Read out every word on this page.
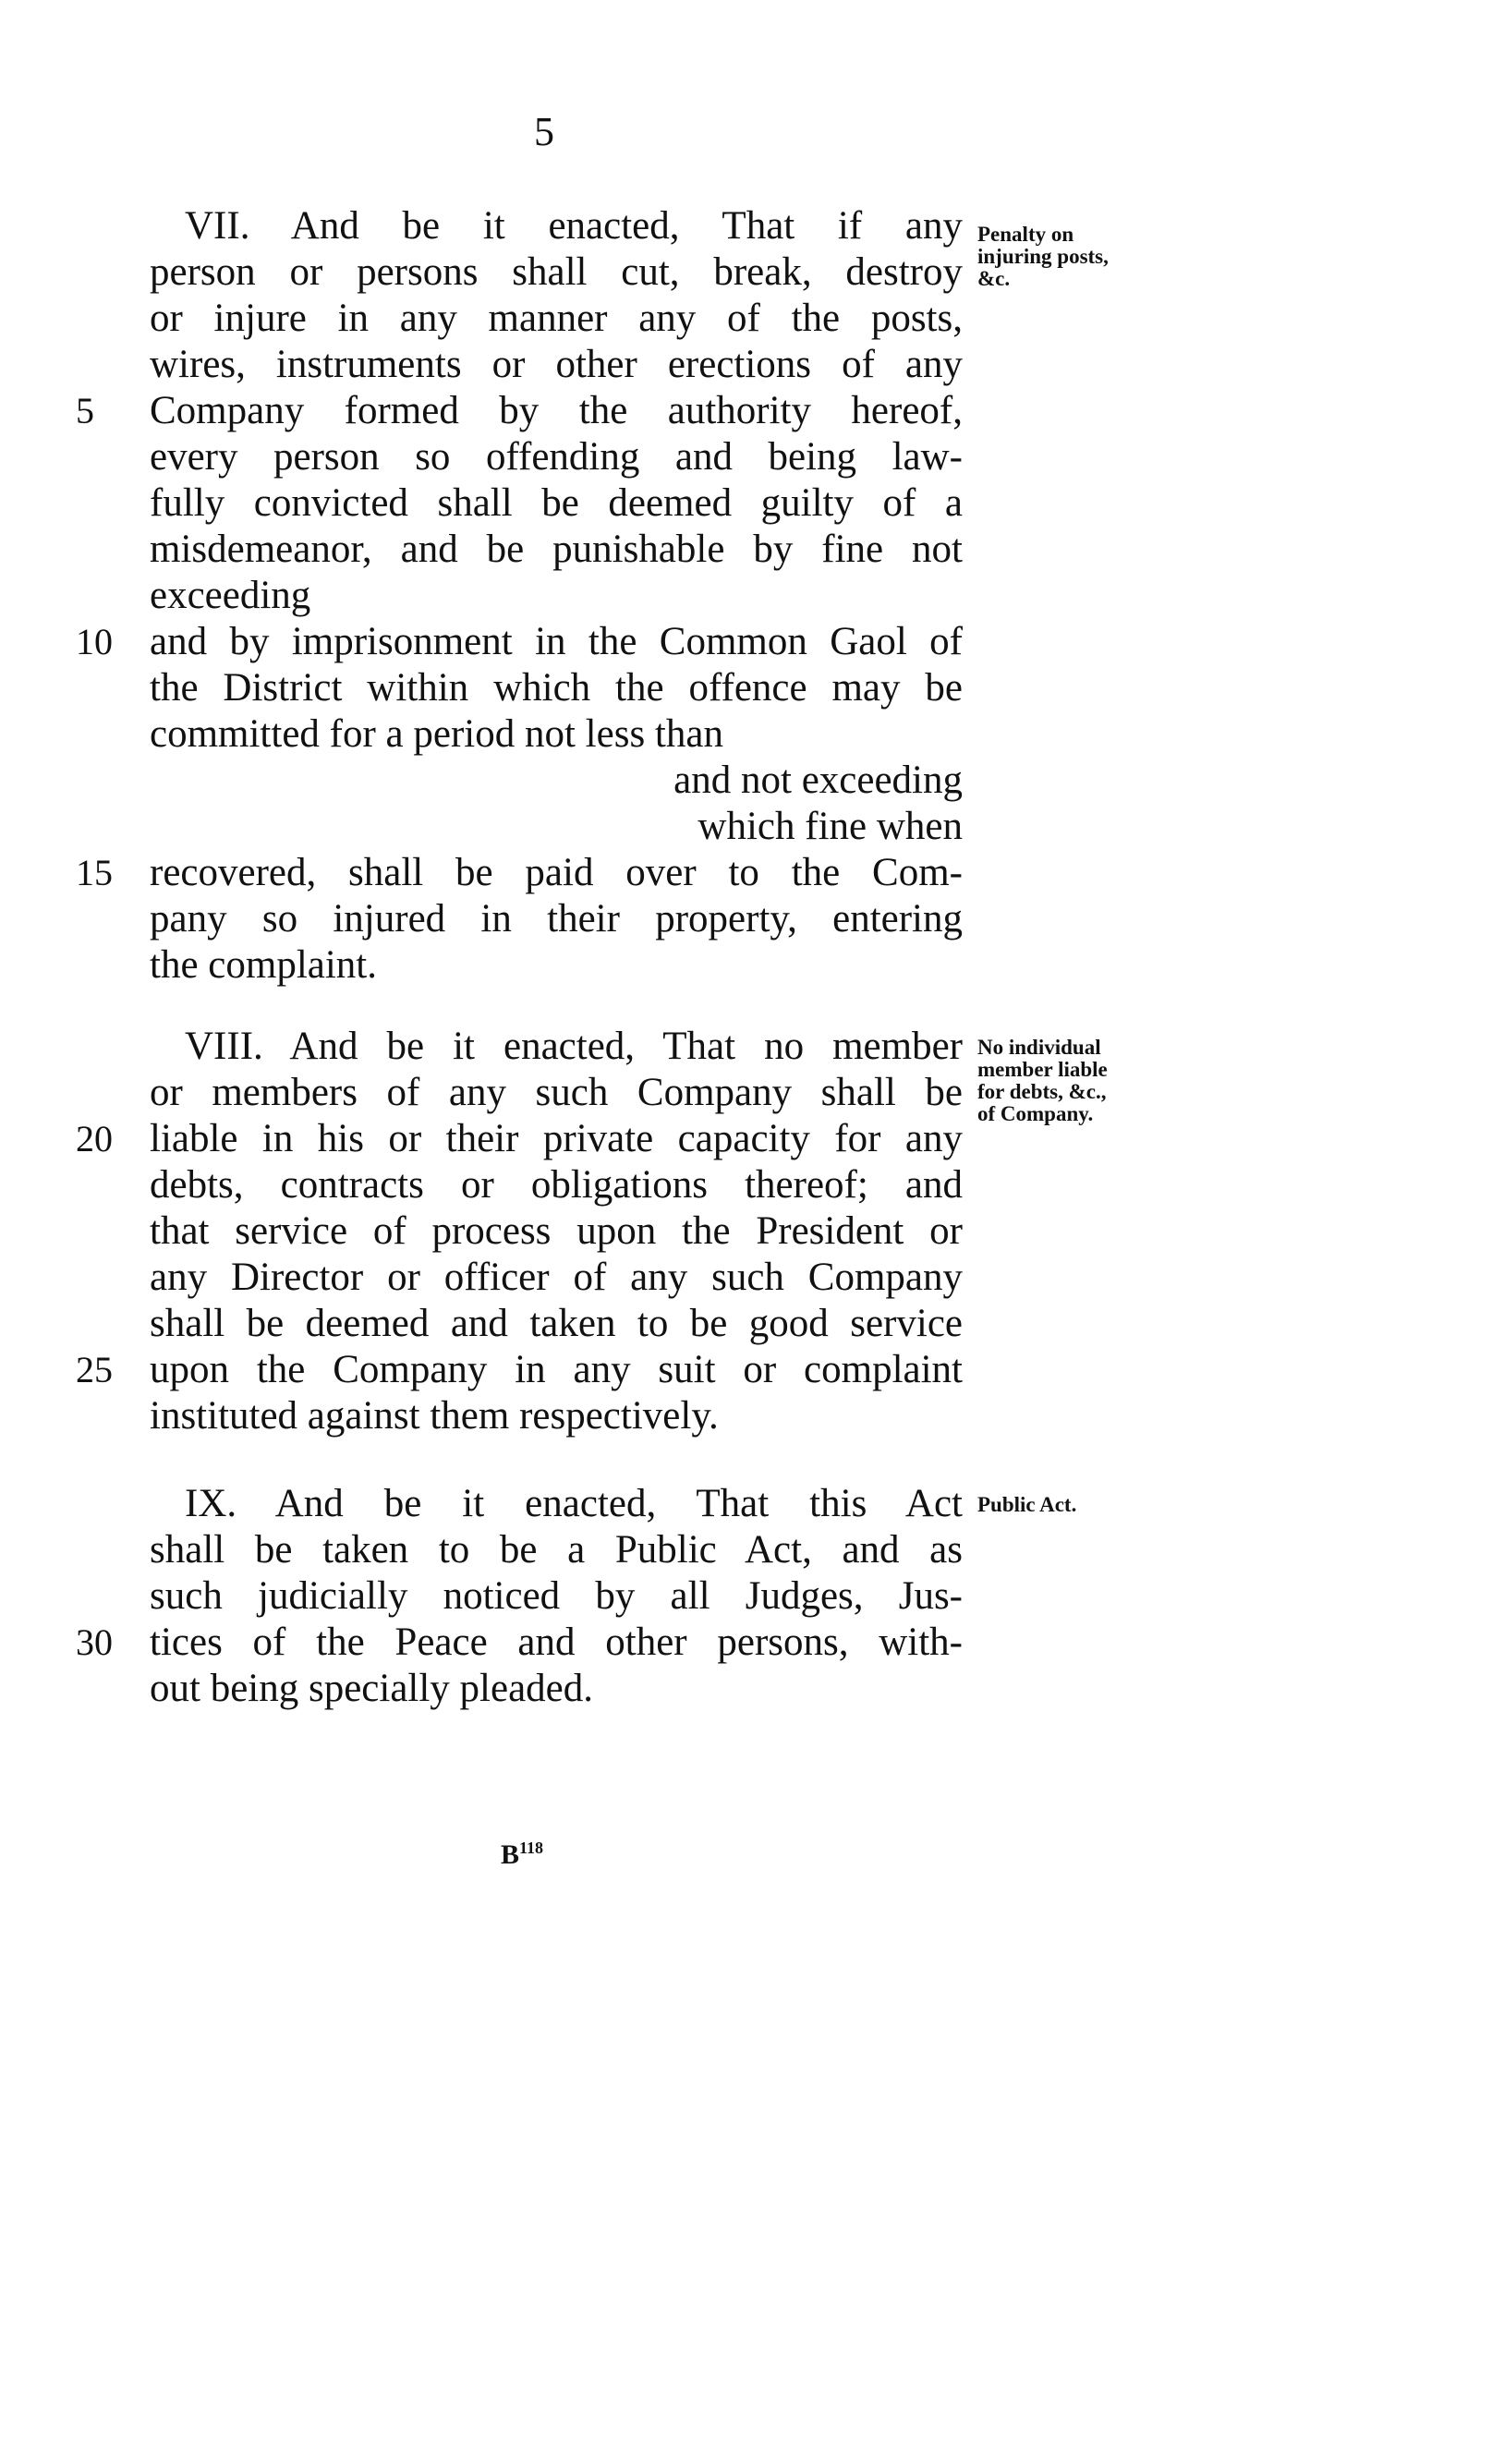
5
Penalty on
injuring posts,
&c.
VII. And be it enacted, That if any
person or persons shall cut, break, destroy
or injure in any manner any of the posts,
wires, instruments or other erections of any
5	Company formed by the authority hereof,
every person so offending and being law-
fully convicted shall be deemed guilty of a
misdemeanor, and be punishable by fine not
exceeding
10 and by imprisonment in the Common Gaol of
the District within which the offence may be
committed for a period not less than
and not exceeding
which fine when
15 recovered, shall be paid over to the Com-
pany so injured in their property, entering
the complaint.
No individual
member liable
for debts, &c.,
of Company.
VIII. And be it enacted, That no member
or members of any such Company shall be
20 liable in his or their private capacity for any
debts, contracts or obligations thereof; and
that service of process upon the President or
any Director or officer of any such Company
shall be deemed and taken to be good service
25 upon the Company in any suit or complaint
instituted against them respectively.
Public Act.
IX. And be it enacted, That this Act
shall be taken to be a Public Act, and as
such judicially noticed by all Judges, Jus-
30 tices of the Peace and other persons, with-
out being specially pleaded.
$B^{118}$
